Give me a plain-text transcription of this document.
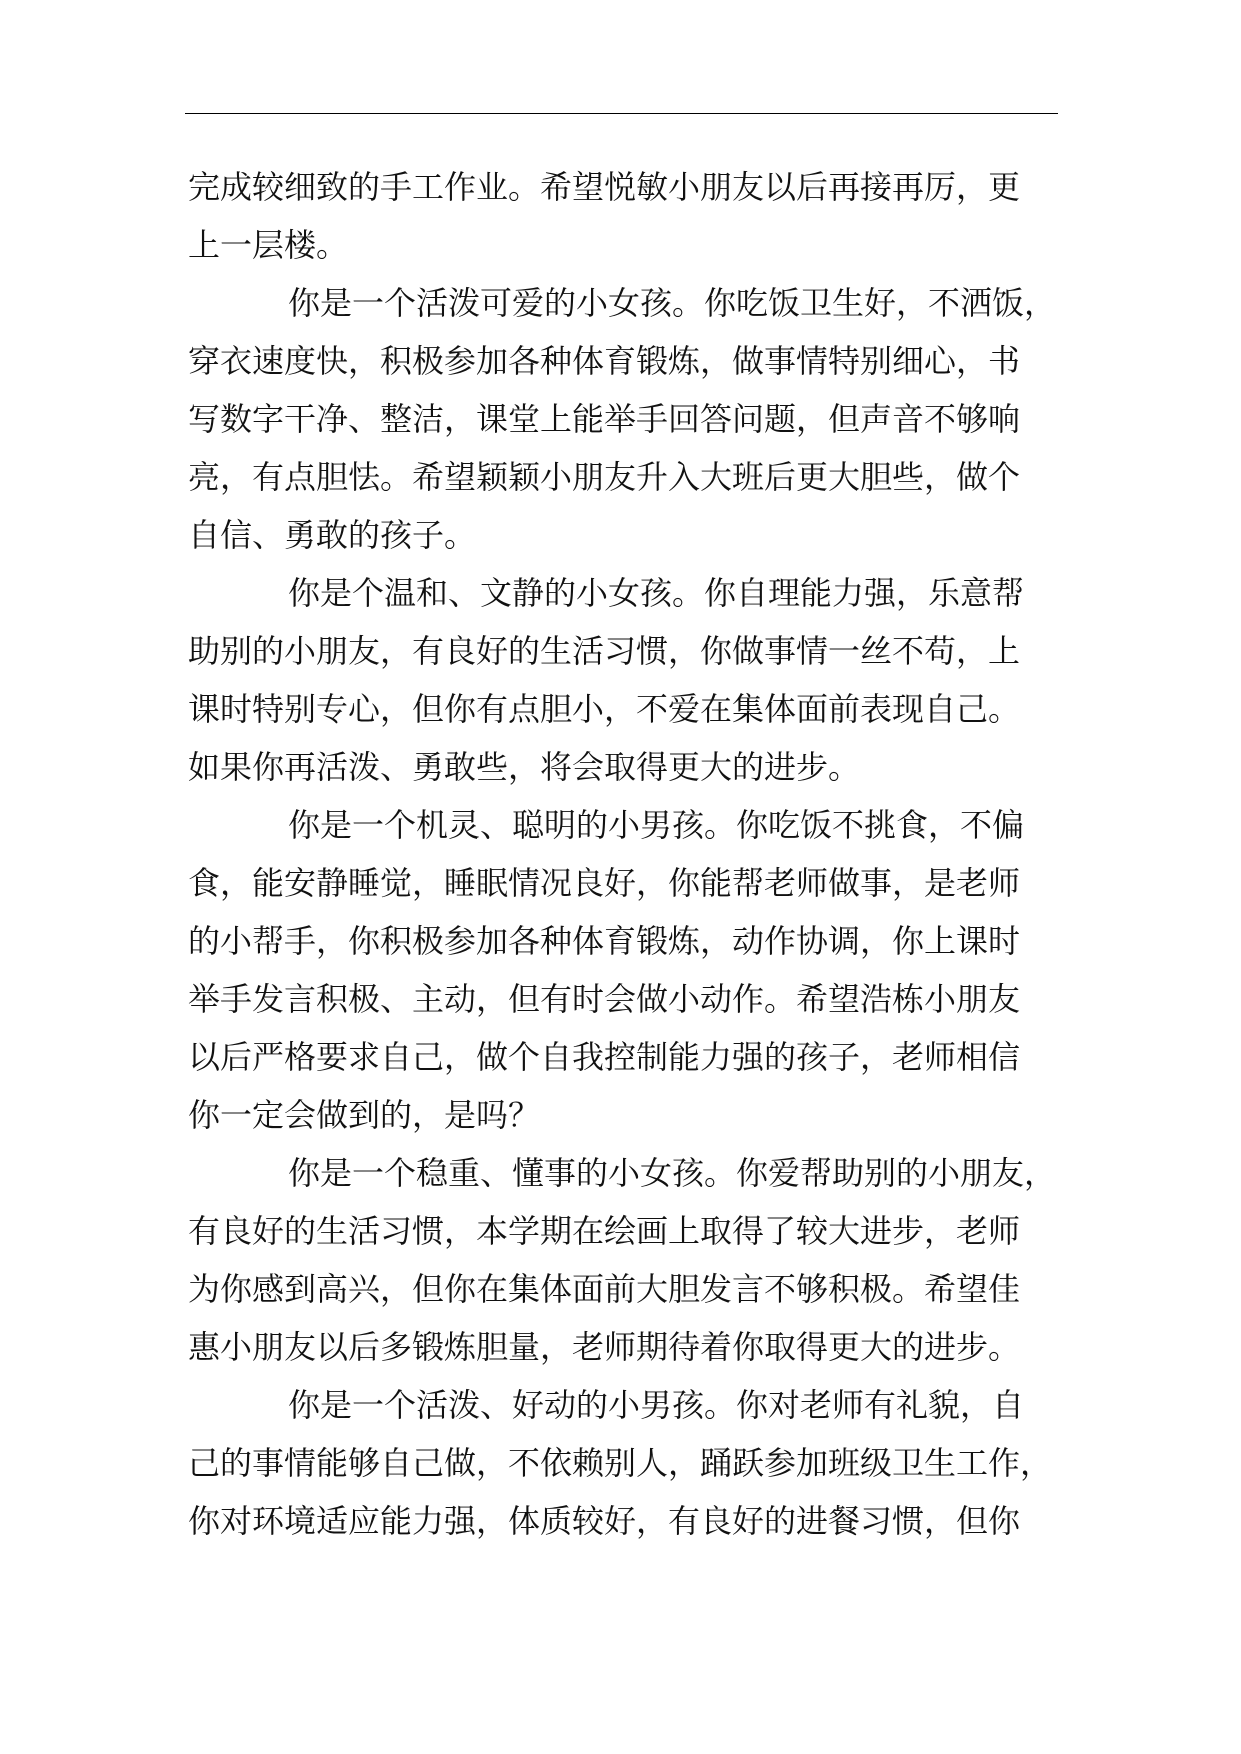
完成较细致的手工作业。希望悦敏小朋友以后再接再厉，更
上一层楼。
你是一个活泼可爱的小女孩。你吃饭卫生好，不洒饭，
穿衣速度快，积极参加各种体育锻炼，做事情特别细心，书
写数字干净、整洁，课堂上能举手回答问题，但声音不够响
亮，有点胆怯。希望颖颖小朋友升入大班后更大胆些，做个
自信、勇敢的孩子。
你是个温和、文静的小女孩。你自理能力强，乐意帮
助别的小朋友，有良好的生活习惯，你做事情一丝不苟，上
课时特别专心，但你有点胆小，不爱在集体面前表现自己。
如果你再活泼、勇敢些，将会取得更大的进步。
你是一个机灵、聪明的小男孩。你吃饭不挑食，不偏
食，能安静睡觉，睡眠情况良好，你能帮老师做事，是老师
的小帮手，你积极参加各种体育锻炼，动作协调，你上课时
举手发言积极、主动，但有时会做小动作。希望浩栋小朋友
以后严格要求自己，做个自我控制能力强的孩子，老师相信
你一定会做到的，是吗？
你是一个稳重、懂事的小女孩。你爱帮助别的小朋友，
有良好的生活习惯，本学期在绘画上取得了较大进步，老师
为你感到高兴，但你在集体面前大胆发言不够积极。希望佳
惠小朋友以后多锻炼胆量，老师期待着你取得更大的进步。
你是一个活泼、好动的小男孩。你对老师有礼貌，自
己的事情能够自己做，不依赖别人，踊跃参加班级卫生工作，
你对环境适应能力强，体质较好，有良好的进餐习惯，但你
